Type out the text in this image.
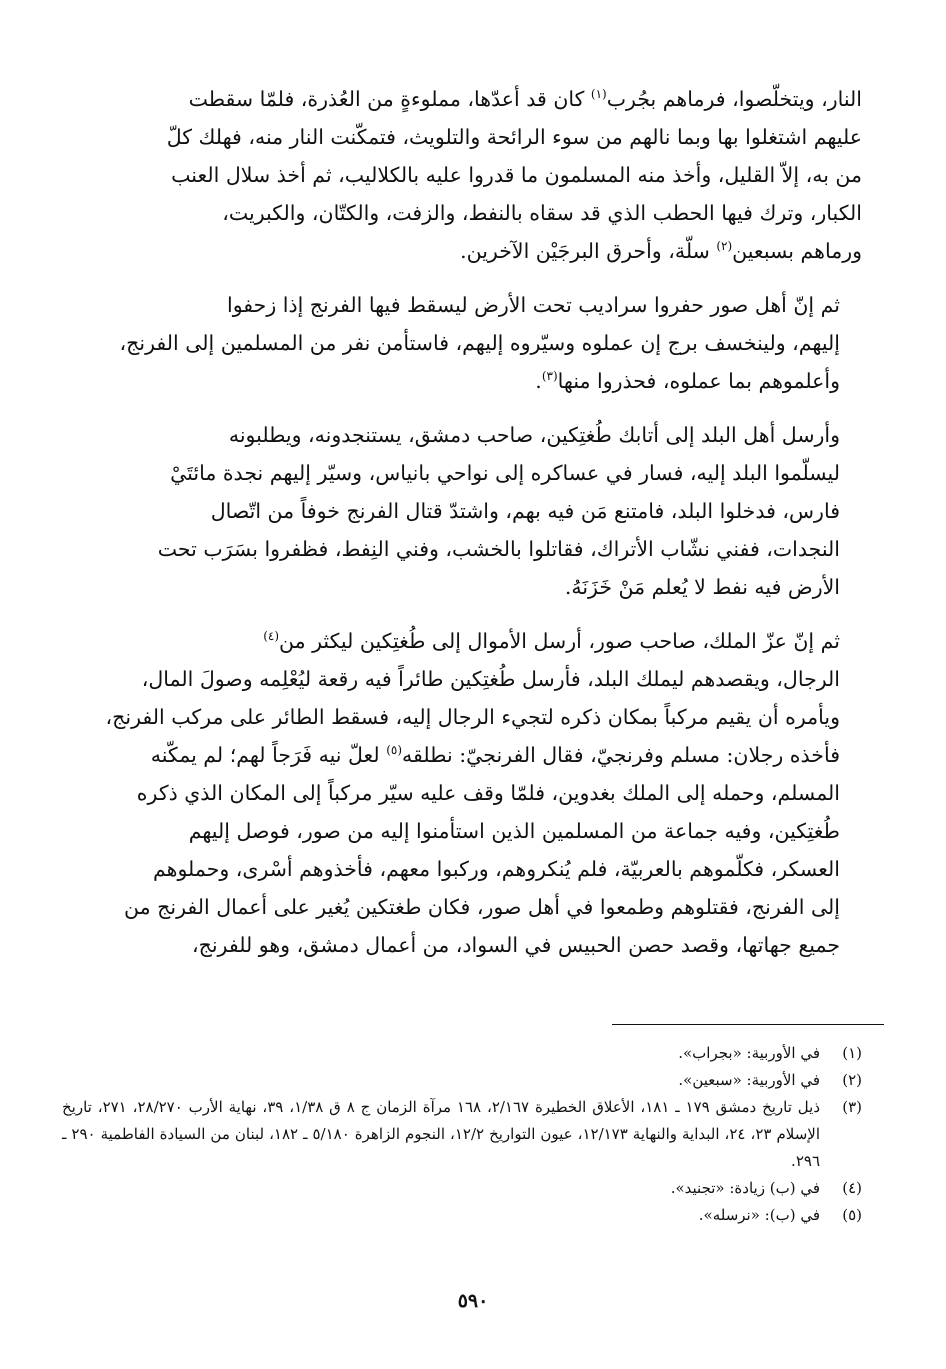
النار، ويتخلّصوا، فرماهم بجُرب$^{(١)}$ كان قد أعدّها، مملوءةٍ من العُذرة، فلمّا سقطت
عليهم اشتغلوا بها وبما نالهم من سوء الرائحة والتلويث، فتمكّنت النار منه، فهلك كلّ
من به، إلاّ القليل، وأخذ منه المسلمون ما قدروا عليه بالكلاليب، ثم أخذ سلال العنب
الكبار، وترك فيها الحطب الذي قد سقاه بالنفط، والزفت، والكتّان، والكبريت،
ورماهم بسبعين$^{(٢)}$ سلّة، وأحرق البرجَيْن الآخرين.

ثم إنّ أهل صور حفروا سراديب تحت الأرض ليسقط فيها الفرنج إذا زحفوا
إليهم، ولينخسف برج إن عملوه وسيّروه إليهم، فاستأمن نفر من المسلمين إلى الفرنج،
وأعلموهم بما عملوه، فحذروا منها$^{(٣)}$.

وأرسل أهل البلد إلى أتابك طُغتِكين، صاحب دمشق، يستنجدونه، ويطلبونه
ليسلّموا البلد إليه، فسار في عساكره إلى نواحي بانياس، وسيّر إليهم نجدة مائتَيْ
فارس، فدخلوا البلد، فامتنع مَن فيه بهم، واشتدّ قتال الفرنج خوفاً من اتّصال
النجدات، ففني نشّاب الأتراك، فقاتلوا بالخشب، وفني النِفط، فظفروا بسَرَب تحت
الأرض فيه نفط لا يُعلم مَنْ خَزَنَهُ.

ثم إنّ عزّ الملك، صاحب صور، أرسل الأموال إلى طُغتِكين ليكثر من$^{(٤)}$
الرجال، ويقصدهم ليملك البلد، فأرسل طُغتِكين طائراً فيه رقعة ليُعْلِمه وصولَ المال،
ويأمره أن يقيم مركباً بمكان ذكره لتجيء الرجال إليه، فسقط الطائر على مركب الفرنج،
فأخذه رجلان: مسلم وفرنجيّ، فقال الفرنجيّ: نطلقه$^{(٥)}$ لعلّ نيه فَرَجاً لهم؛ لم يمكّنه
المسلم، وحمله إلى الملك بغدوين، فلمّا وقف عليه سيّر مركباً إلى المكان الذي ذكره
طُغتِكين، وفيه جماعة من المسلمين الذين استأمنوا إليه من صور، فوصل إليهم
العسكر، فكلّموهم بالعربيّة، فلم يُنكروهم، وركبوا معهم، فأخذوهم أسْرى، وحملوهم
إلى الفرنج، فقتلوهم وطمعوا في أهل صور، فكان طغتكين يُغير على أعمال الفرنج من
جميع جهاتها، وقصد حصن الحبيس في السواد، من أعمال دمشق، وهو للفرنج،

(١)
في الأوربية: «بجراب».
(٢)
في الأوربية: «سبعين».
(٣)
ذيل تاريخ دمشق ١٧٩ ـ ١٨١، الأعلاق الخطيرة ٢/١٦٧، ١٦٨ مرآة الزمان ج ٨ ق ١/٣٨، ٣٩، نهاية الأرب ٢٨/٢٧٠، ٢٧١، تاريخ الإسلام ٢٣، ٢٤، البداية والنهاية ١٢/١٧٣، عيون التواريخ ١٢/٢، النجوم الزاهرة ٥/١٨٠ ـ ١٨٢، لبنان من السيادة الفاطمية ٢٩٠ ـ ٢٩٦.
(٤)
في (ب) زيادة: «تجنيد».
(٥)
في (ب): «نرسله».
٥٩٠
